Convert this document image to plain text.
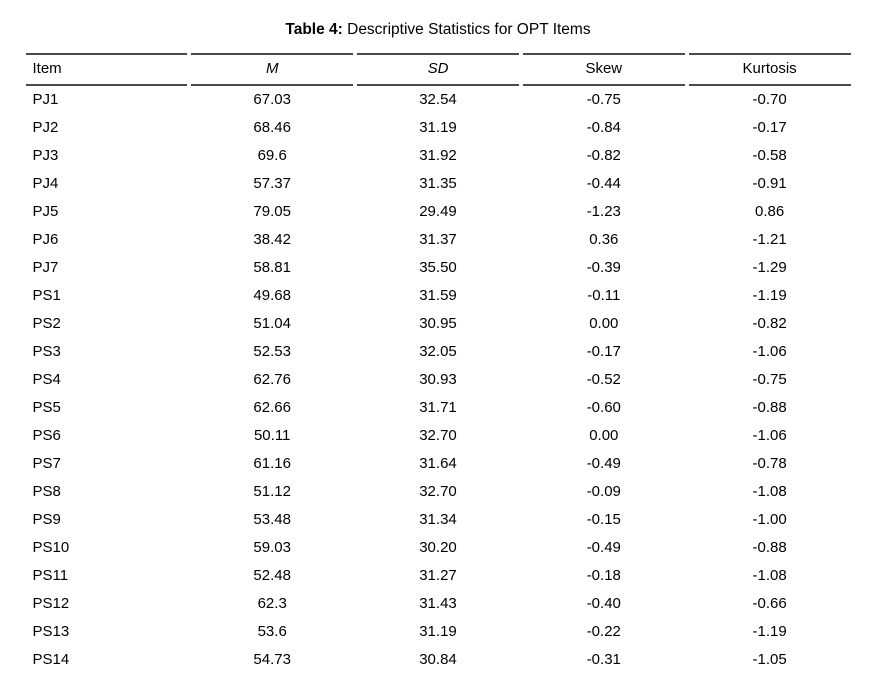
Table 4: Descriptive Statistics for OPT Items
Item	M	SD	Skew	Kurtosis
PJ1	67.03	32.54	-0.75	-0.70
PJ2	68.46	31.19	-0.84	-0.17
PJ3	69.6	31.92	-0.82	-0.58
PJ4	57.37	31.35	-0.44	-0.91
PJ5	79.05	29.49	-1.23	0.86
PJ6	38.42	31.37	0.36	-1.21
PJ7	58.81	35.50	-0.39	-1.29
PS1	49.68	31.59	-0.11	-1.19
PS2	51.04	30.95	0.00	-0.82
PS3	52.53	32.05	-0.17	-1.06
PS4	62.76	30.93	-0.52	-0.75
PS5	62.66	31.71	-0.60	-0.88
PS6	50.11	32.70	0.00	-1.06
PS7	61.16	31.64	-0.49	-0.78
PS8	51.12	32.70	-0.09	-1.08
PS9	53.48	31.34	-0.15	-1.00
PS10	59.03	30.20	-0.49	-0.88
PS11	52.48	31.27	-0.18	-1.08
PS12	62.3	31.43	-0.40	-0.66
PS13	53.6	31.19	-0.22	-1.19
PS14	54.73	30.84	-0.31	-1.05
